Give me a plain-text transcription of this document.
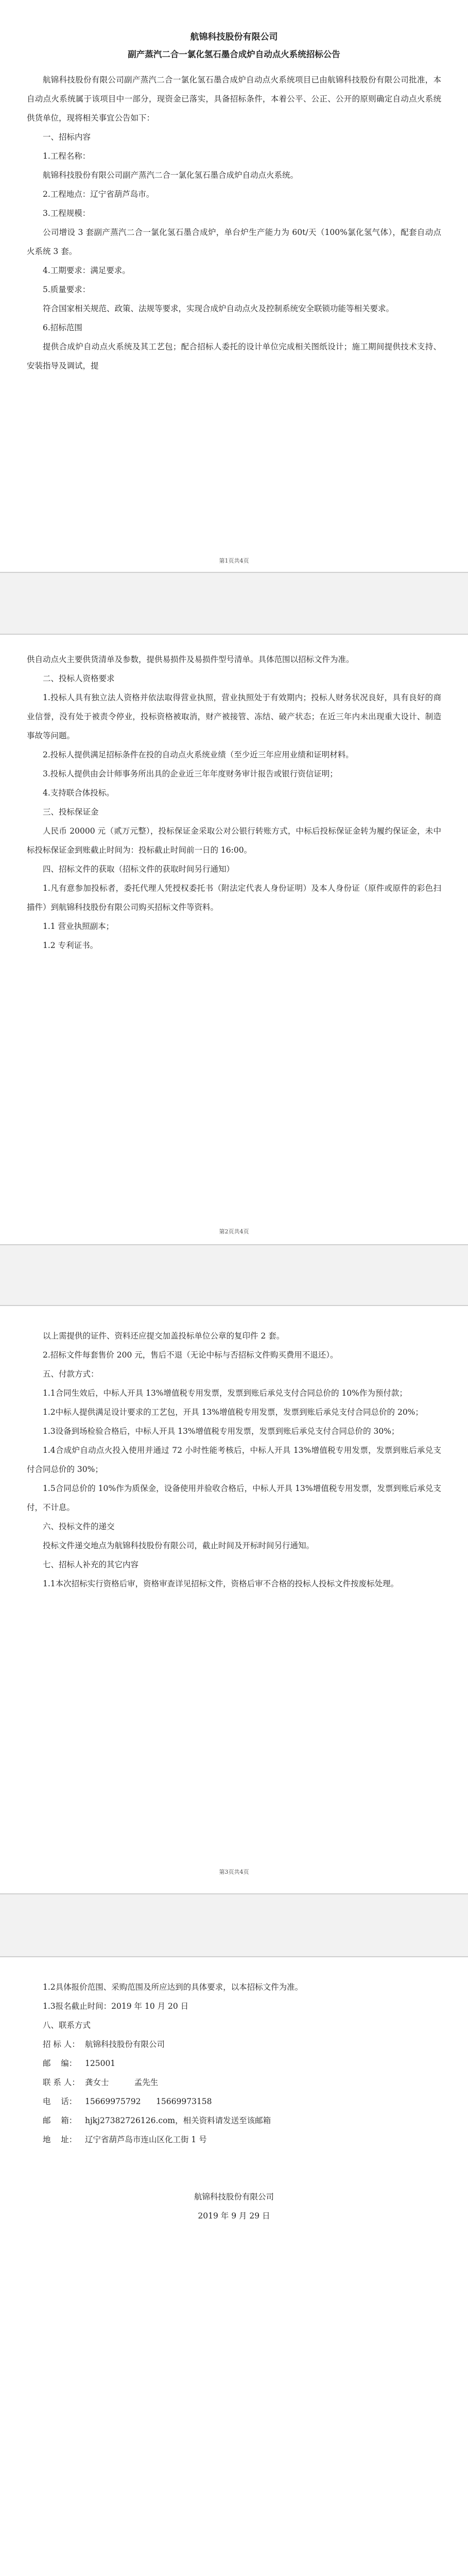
航锦科技股份有限公司
副产蒸汽二合一氯化氢石墨合成炉自动点火系统招标公告

航锦科技股份有限公司副产蒸汽二合一氯化氢石墨合成炉自动点火系统项目已由航锦科技股份有限公司批准，本自动点火系统属于该项目中一部分，现资金已落实，具备招标条件，本着公平、公正、公开的原则确定自动点火系统供货单位，现将相关事宜公告如下：

一、招标内容

1.工程名称：

航锦科技股份有限公司副产蒸汽二合一氯化氢石墨合成炉自动点火系统。

2.工程地点：辽宁省葫芦岛市。

3.工程规模：

公司增设 3 套副产蒸汽二合一氯化氢石墨合成炉，单台炉生产能力为 60t/天（100%氯化氢气体），配套自动点火系统 3 套。

4.工期要求：满足要求。

5.质量要求：

符合国家相关规范、政策、法规等要求，实现合成炉自动点火及控制系统安全联锁功能等相关要求。

6.招标范围

提供合成炉自动点火系统及其工艺包；配合招标人委托的设计单位完成相关图纸设计；施工期间提供技术支持、安装指导及调试，提

第1页共4页

供自动点火主要供货清单及参数，提供易损件及易损件型号清单。具体范围以招标文件为准。

二、投标人资格要求

1.投标人具有独立法人资格并依法取得营业执照，营业执照处于有效期内；投标人财务状况良好，具有良好的商业信誉，没有处于被责令停业，投标资格被取消，财产被接管、冻结、破产状态；在近三年内未出现重大设计、制造事故等问题。

2.投标人提供满足招标条件在投的自动点火系统业绩（至少近三年应用业绩和证明材料。

3.投标人提供由会计师事务所出具的企业近三年年度财务审计报告或银行资信证明；

4.支持联合体投标。

三、投标保证金

人民币 20000 元（贰万元整），投标保证金采取公对公银行转账方式，中标后投标保证金转为履约保证金，未中标投标保证金到账截止时间为：投标截止时间前一日的 16:00。

四、招标文件的获取（招标文件的获取时间另行通知）

1.凡有意参加投标者，委托代理人凭授权委托书（附法定代表人身份证明）及本人身份证（原件或原件的彩色扫描件）到航锦科技股份有限公司购买招标文件等资料。

1.1 营业执照副本；

1.2 专利证书。

第2页共4页

以上需提供的证件、资料还应提交加盖投标单位公章的复印件 2 套。

2.招标文件每套售价 200 元，售后不退（无论中标与否招标文件购买费用不退还）。

五、付款方式：

1.1合同生效后，中标人开具 13%增值税专用发票，发票到账后承兑支付合同总价的 10%作为预付款；

1.2中标人提供满足设计要求的工艺包，开具 13%增值税专用发票，发票到账后承兑支付合同总价的 20%；

1.3设备到场检验合格后，中标人开具 13%增值税专用发票，发票到账后承兑支付合同总价的 30%；

1.4合成炉自动点火投入使用并通过 72 小时性能考核后，中标人开具 13%增值税专用发票，发票到账后承兑支付合同总价的 30%；

1.5合同总价的 10%作为质保金，设备使用并验收合格后，中标人开具 13%增值税专用发票，发票到账后承兑支付，不计息。

六、投标文件的递交

投标文件递交地点为航锦科技股份有限公司，截止时间及开标时间另行通知。

七、招标人补充的其它内容

1.1本次招标实行资格后审，资格审查详见招标文件，资格后审不合格的投标人投标文件按废标处理。

第3页共4页

1.2具体报价范围、采购范围及所应达到的具体要求，以本招标文件为准。

1.3报名截止时间：2019 年 10 月 20 日

八、联系方式

招 标 人： 航锦科技股份有限公司
邮    编：	125001
联 系 人： 龚女士          孟先生
电    话：	15669975792      15669973158
邮    箱：	hjkj27382726126.com，相关资料请发送至该邮箱
地    址：	辽宁省葫芦岛市连山区化工街 1 号
航锦科技股份有限公司
2019 年 9 月 29 日
